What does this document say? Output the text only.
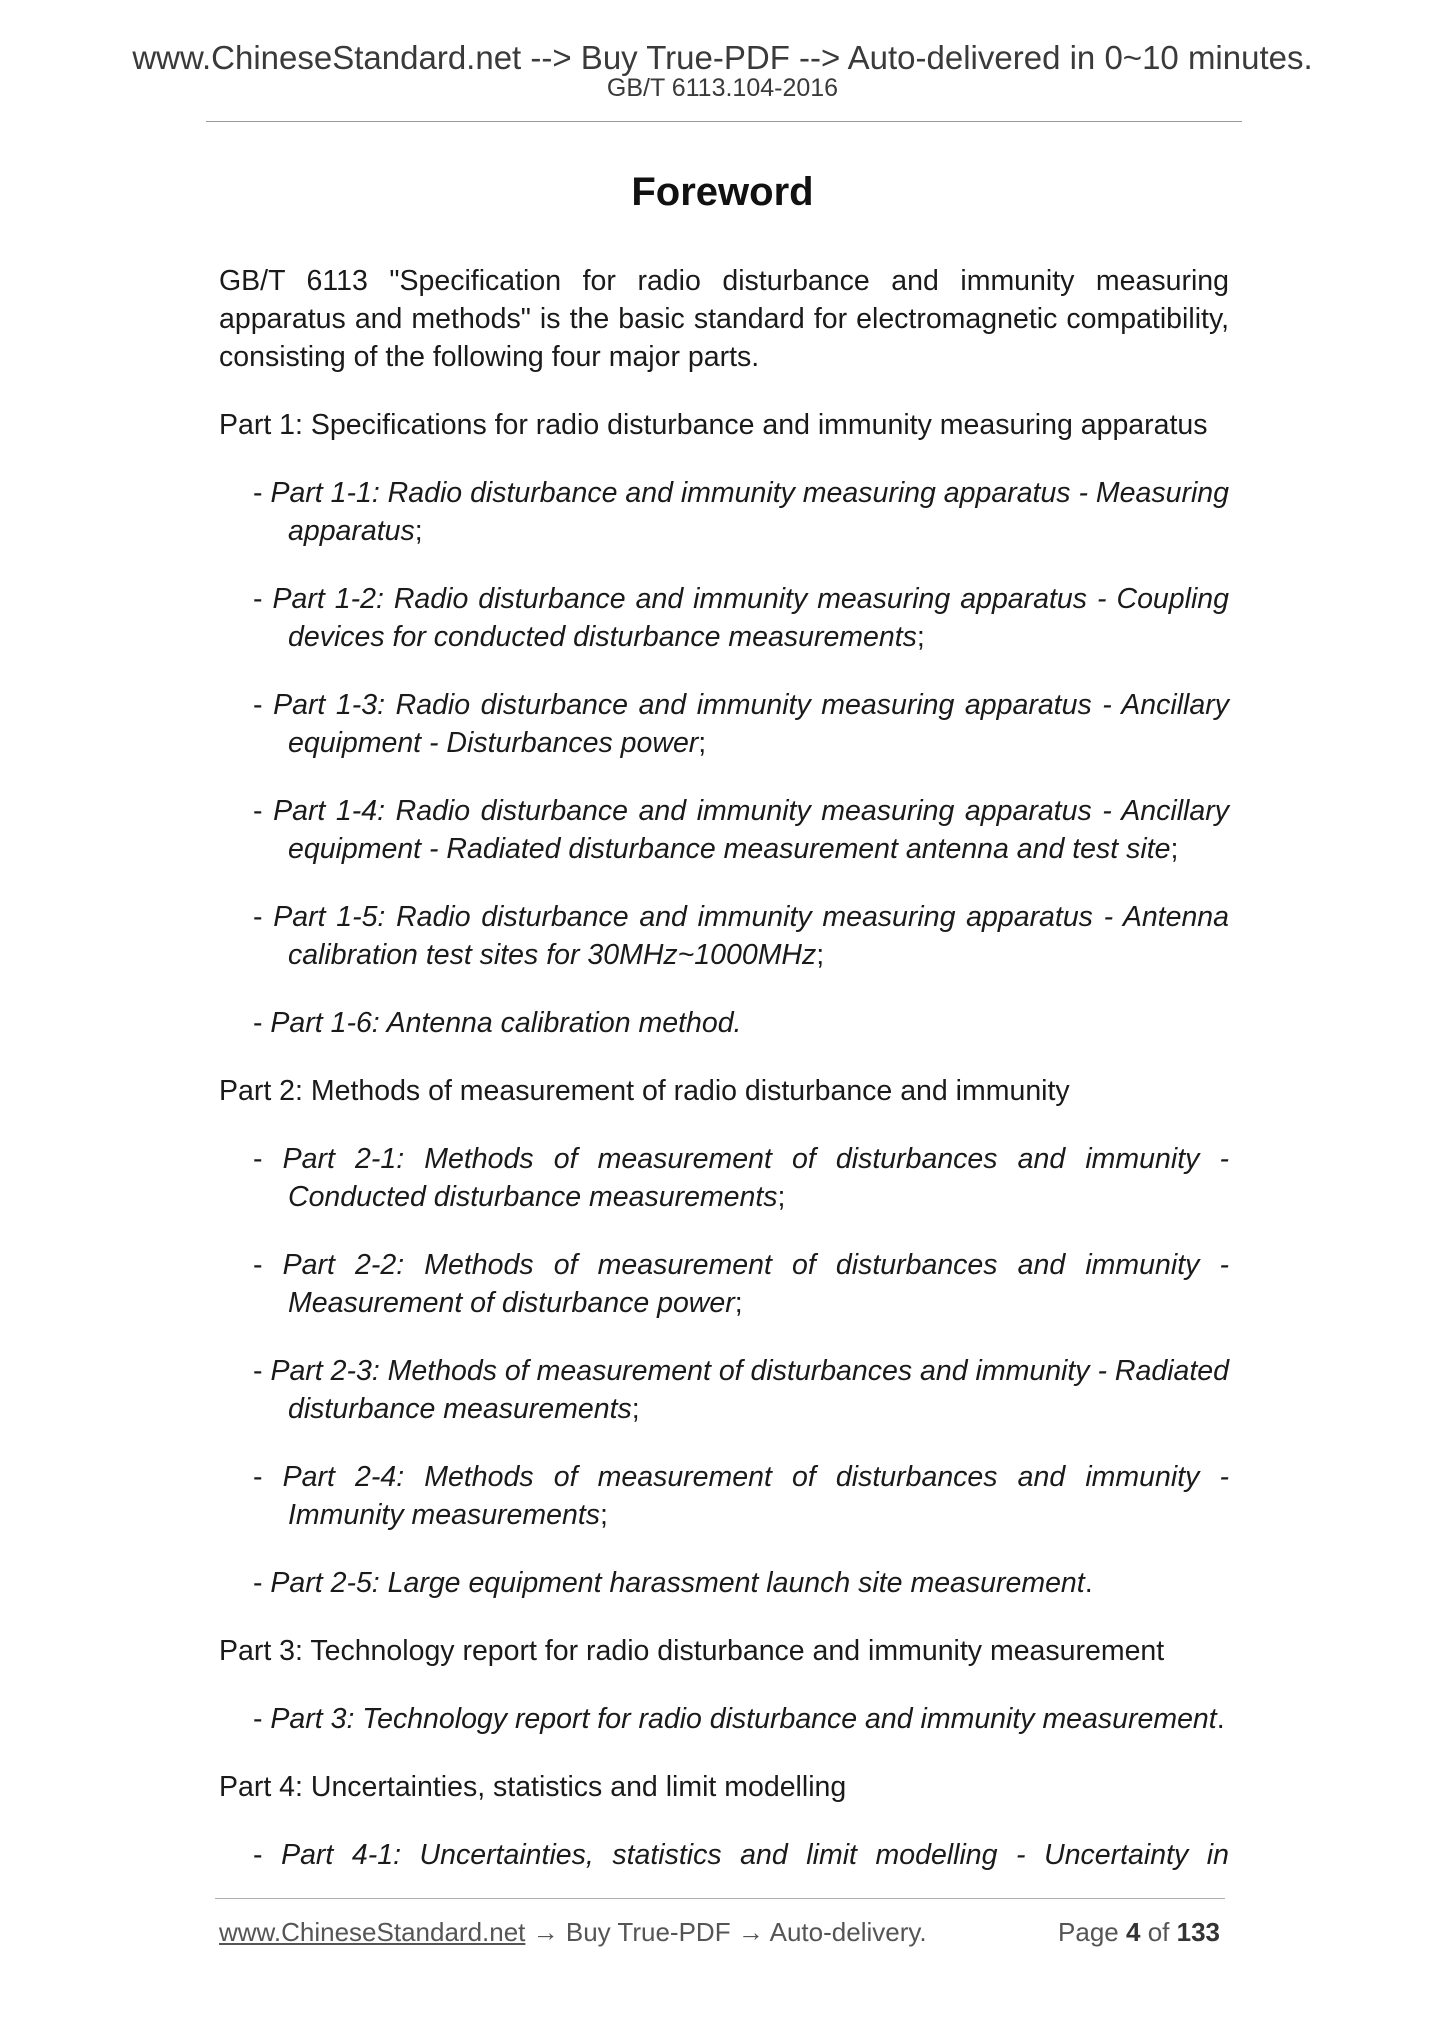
www.ChineseStandard.net --> Buy True-PDF --> Auto-delivered in 0~10 minutes.
GB/T 6113.104-2016
Foreword

GB/T 6113 "Specification for radio disturbance and immunity measuring apparatus and methods" is the basic standard for electromagnetic compatibility, consisting of the following four major parts.

Part 1: Specifications for radio disturbance and immunity measuring apparatus
- Part 1-1: Radio disturbance and immunity measuring apparatus - Measuring apparatus;
- Part 1-2: Radio disturbance and immunity measuring apparatus - Coupling devices for conducted disturbance measurements;
- Part 1-3: Radio disturbance and immunity measuring apparatus - Ancillary equipment - Disturbances power;
- Part 1-4: Radio disturbance and immunity measuring apparatus - Ancillary equipment - Radiated disturbance measurement antenna and test site;
- Part 1-5: Radio disturbance and immunity measuring apparatus - Antenna calibration test sites for 30MHz~1000MHz;
- Part 1-6: Antenna calibration method.
Part 2: Methods of measurement of radio disturbance and immunity
- Part 2-1: Methods of measurement of disturbances and immunity - Conducted disturbance measurements;
- Part 2-2: Methods of measurement of disturbances and immunity - Measurement of disturbance power;
- Part 2-3: Methods of measurement of disturbances and immunity - Radiated disturbance measurements;
- Part 2-4: Methods of measurement of disturbances and immunity - Immunity measurements;
- Part 2-5: Large equipment harassment launch site measurement.
Part 3: Technology report for radio disturbance and immunity measurement
- Part 3: Technology report for radio disturbance and immunity measurement.
Part 4: Uncertainties, statistics and limit modelling
- Part 4-1: Uncertainties, statistics and limit modelling - Uncertainty in
www.ChineseStandard.net → Buy True-PDF → Auto-delivery.	Page 4 of 133
